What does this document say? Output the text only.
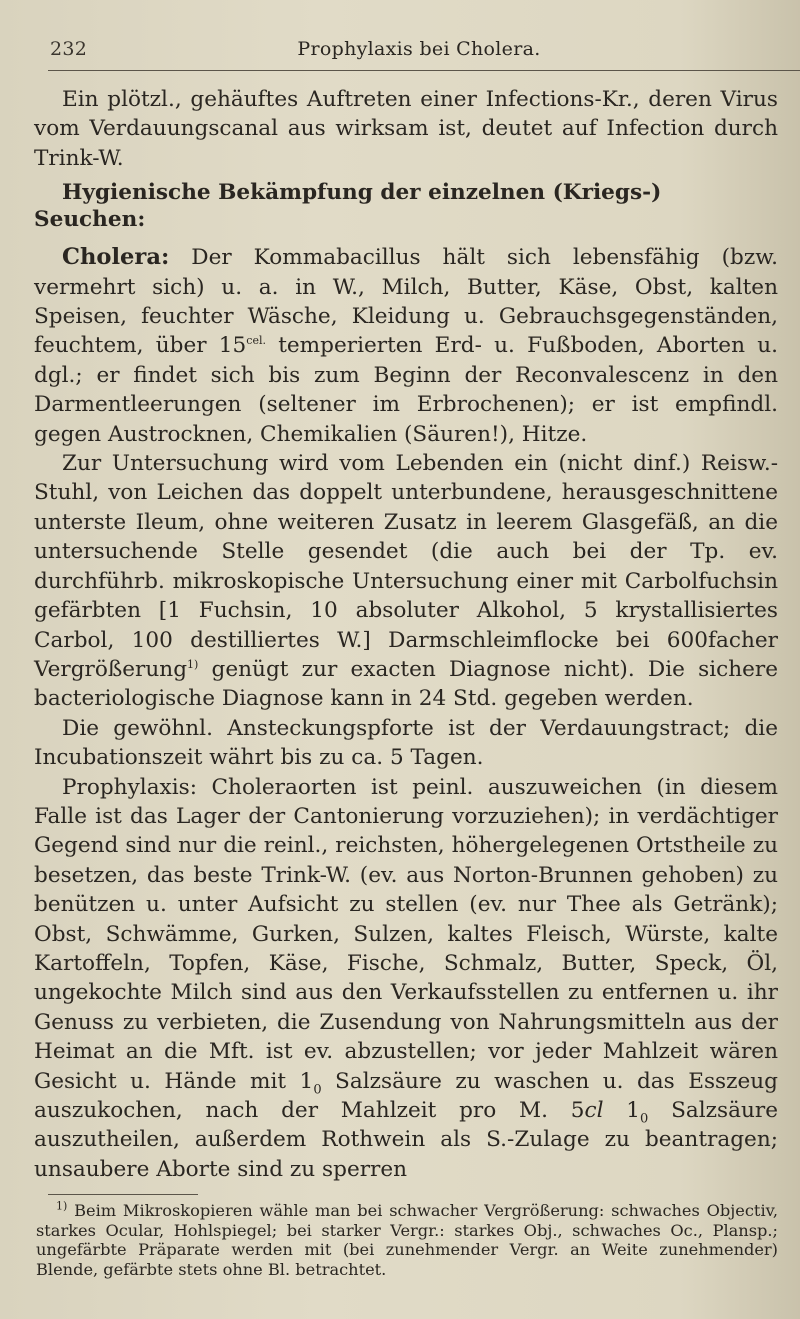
232	Prophylaxis bei Cholera.

Ein plötzl., gehäuftes Auftreten einer Infections-Kr., deren Virus vom Verdauungscanal aus wirksam ist, deutet auf Infection durch Trink-W.

Hygienische Bekämpfung der einzelnen (Kriegs-) Seuchen:

Cholera: Der Kommabacillus hält sich lebensfähig (bzw. vermehrt sich) u. a. in W., Milch, Butter, Käse, Obst, kalten Speisen, feuchter Wäsche, Kleidung u. Gebrauchsgegenständen, feuchtem, über $15^{cel.}$ temperierten Erd- u. Fußboden, Aborten u. dgl.; er findet sich bis zum Beginn der Reconvalescenz in den Darmentleerungen (seltener im Erbrochenen); er ist empfindl. gegen Austrocknen, Chemikalien (Säuren!), Hitze.

Zur Untersuchung wird vom Lebenden ein (nicht dinf.) Reisw.-Stuhl, von Leichen das doppelt unterbundene, herausgeschnittene unterste Ileum, ohne weiteren Zusatz in leerem Glasgefäß, an die untersuchende Stelle gesendet (die auch bei der Tp. ev. durchführb. mikroskopische Untersuchung einer mit Carbolfuchsin gefärbten [1 Fuchsin, 10 absoluter Alkohol, 5 krystallisiertes Carbol, 100 destilliertes W.] Darmschleimflocke bei 600facher Vergrößerung$^{1)}$ genügt zur exacten Diagnose nicht). Die sichere bacteriologische Diagnose kann in 24 Std. gegeben werden.

Die gewöhnl. Ansteckungspforte ist der Verdauungstract; die Incubationszeit währt bis zu ca. 5 Tagen.

Prophylaxis: Choleraorten ist peinl. auszuweichen (in diesem Falle ist das Lager der Cantonierung vorzuziehen); in verdächtiger Gegend sind nur die reinl., reichsten, höhergelegenen Ortstheile zu besetzen, das beste Trink-W. (ev. aus Norton-Brunnen gehoben) zu benützen u. unter Aufsicht zu stellen (ev. nur Thee als Getränk); Obst, Schwämme, Gurken, Sulzen, kaltes Fleisch, Würste, kalte Kartoffeln, Topfen, Käse, Fische, Schmalz, Butter, Speck, Öl, ungekochte Milch sind aus den Verkaufsstellen zu entfernen u. ihr Genuss zu verbieten, die Zusendung von Nahrungsmitteln aus der Heimat an die Mft. ist ev. abzustellen; vor jeder Mahlzeit wären Gesicht u. Hände mit $1_0$ Salzsäure zu waschen u. das Esszeug auszukochen, nach der Mahlzeit pro M. 5cl $1_0$ Salzsäure auszutheilen, außerdem Rothwein als S.-Zulage zu beantragen; unsaubere Aborte sind zu sperren

$^{1)}$ Beim Mikroskopieren wähle man bei schwacher Vergrößerung: schwaches Objectiv, starkes Ocular, Hohlspiegel; bei starker Vergr.: starkes Obj., schwaches Oc., Plansp.; ungefärbte Präparate werden mit (bei zunehmender Vergr. an Weite zunehmender) Blende, gefärbte stets ohne Bl. betrachtet.
